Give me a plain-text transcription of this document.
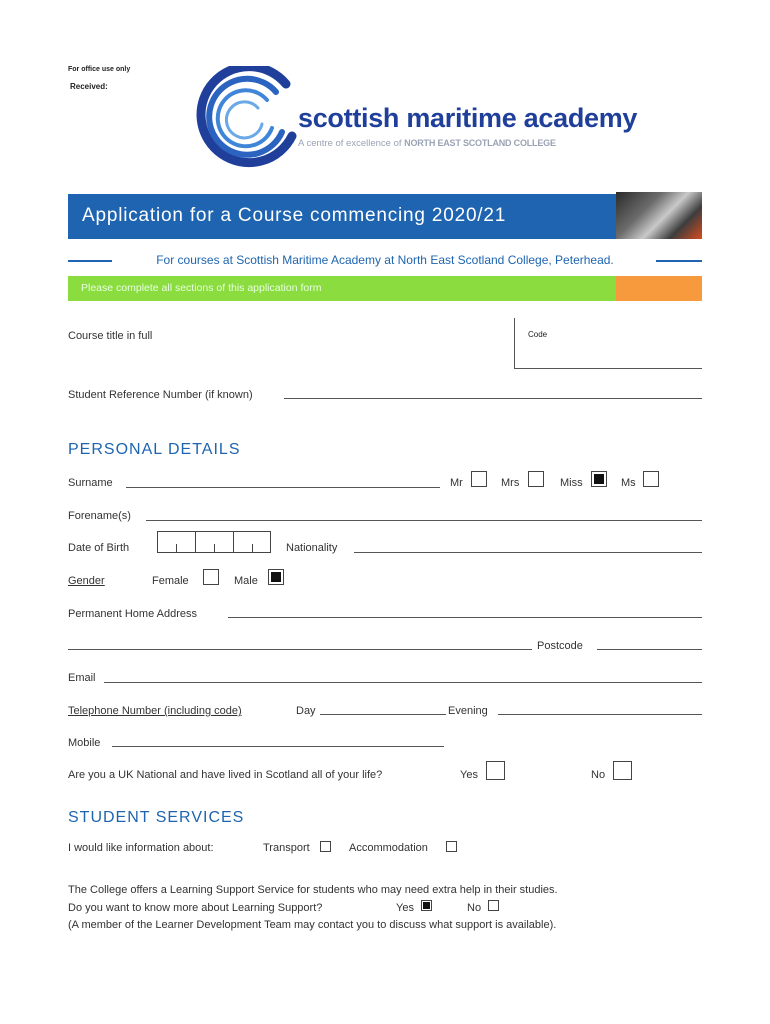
For office use only
Received:
scottish maritime academy
A centre of excellence of NORTH EAST SCOTLAND COLLEGE
Application for a Course commencing 2020/21
For courses at Scottish Maritime Academy at North East Scotland College, Peterhead.
Please complete all sections of this application form
Course title in full	Code
Student Reference Number (if known)
PERSONAL DETAILS
Surname	Mr	Mrs	Miss	Ms
Forename(s)
Date of Birth	Nationality
Gender	Female	Male
Permanent Home Address
Postcode
Email
Telephone Number (including code)	Day	Evening
Mobile
Are you a UK National and have lived in Scotland all of your life?	Yes	No
STUDENT SERVICES
I would like information about:	Transport	Accommodation
The College offers a Learning Support Service for students who may need extra help in their studies.
Do you want to know more about Learning Support?	Yes	No
(A member of the Learner Development Team may contact you to discuss what support is available).
